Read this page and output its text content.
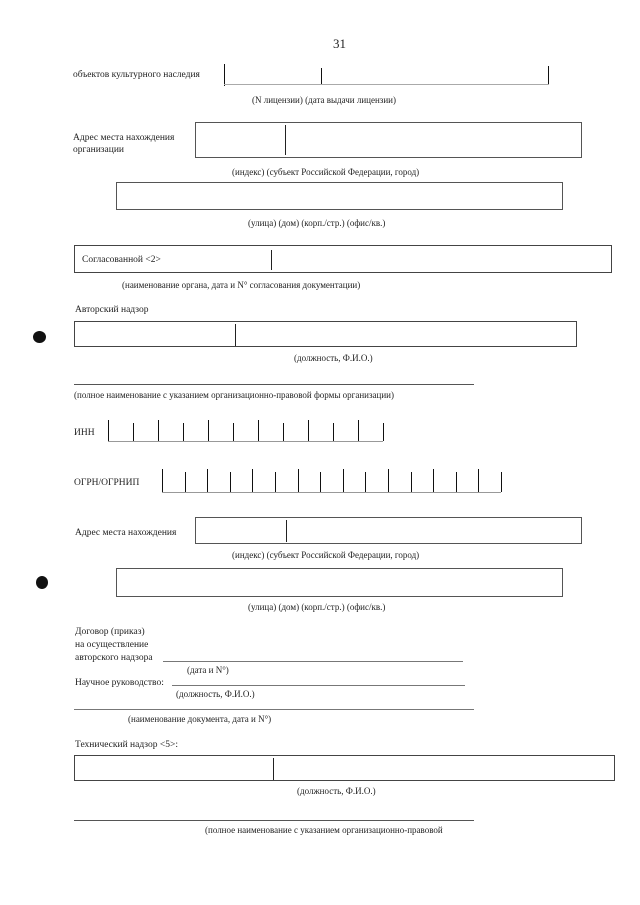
31
объектов культурного наследия
(N лицензии) (дата выдачи лицензии)
Адрес места нахождения
организации
(индекс) (субъект Российской Федерации, город)
(улица) (дом) (корп./стр.) (офис/кв.)
Согласованной <2>
(наименование органа, дата и N° согласования документации)
Авторский надзор
(должность, Ф.И.О.)
(полное наименование с указанием организационно-правовой формы организации)
ИНН
ОГРН/ОГРНИП
Адрес места нахождения
(индекс) (субъект Российской Федерации, город)
(улица) (дом) (корп./стр.) (офис/кв.)
Договор (приказ)
на осуществление
авторского надзора
(дата и N°)
Научное руководство:
(должность, Ф.И.О.)
(наименование документа, дата и N°)
Технический надзор <5>:
(должность, Ф.И.О.)
(полное наименование с указанием организационно-правовой
